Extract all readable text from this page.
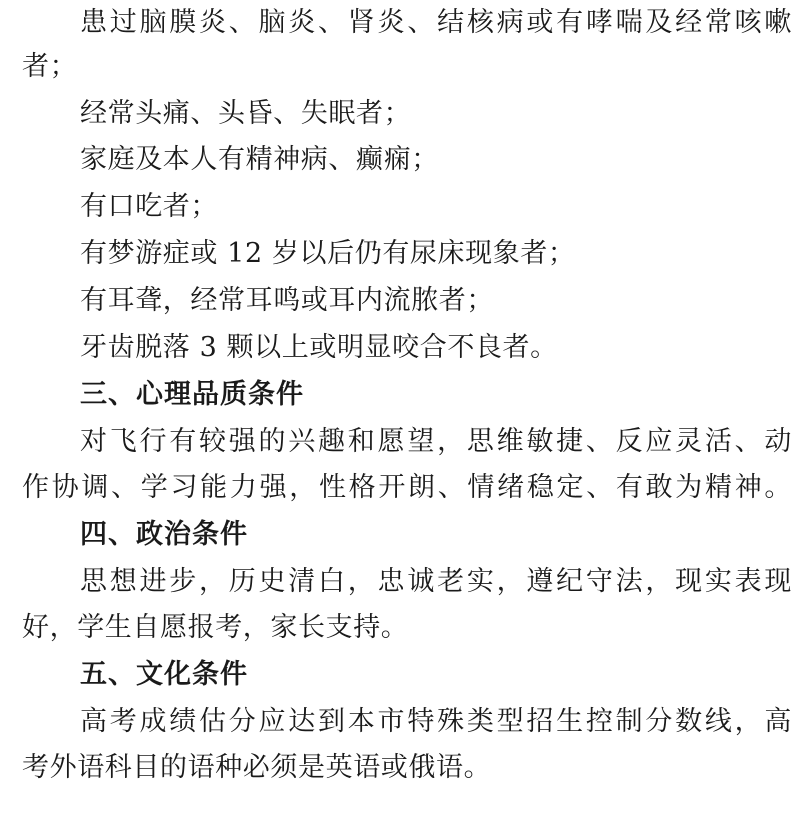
患过脑膜炎、脑炎、肾炎、结核病或有哮喘及经常咳嗽
者；
经常头痛、头昏、失眠者；
家庭及本人有精神病、癫痫；
有口吃者；
有梦游症或 12 岁以后仍有尿床现象者；
有耳聋，经常耳鸣或耳内流脓者；
牙齿脱落 3 颗以上或明显咬合不良者。
三、心理品质条件
对飞行有较强的兴趣和愿望，思维敏捷、反应灵活、动
作协调、学习能力强，性格开朗、情绪稳定、有敢为精神。
四、政治条件
思想进步，历史清白，忠诚老实，遵纪守法，现实表现
好，学生自愿报考，家长支持。
五、文化条件
高考成绩估分应达到本市特殊类型招生控制分数线，高
考外语科目的语种必须是英语或俄语。
